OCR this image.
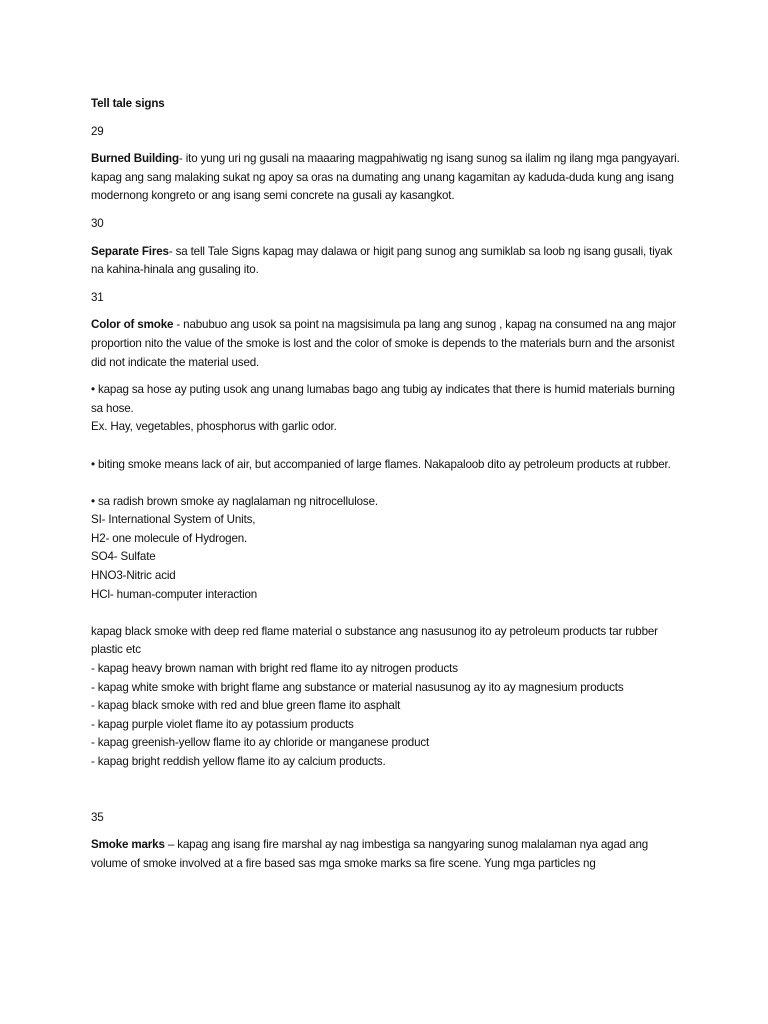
Tell tale signs
29
Burned Building- ito yung uri ng gusali na maaaring magpahiwatig ng isang sunog sa ilalim ng ilang mga pangyayari. kapag ang sang malaking sukat ng apoy sa oras na dumating ang unang kagamitan ay kaduda-duda kung ang isang modernong kongreto or ang isang semi concrete na gusali ay kasangkot.
30
Separate Fires- sa tell Tale Signs kapag may dalawa or higit pang sunog ang sumiklab sa loob ng isang gusali, tiyak na kahina-hinala ang gusaling ito.
31
Color of smoke - nabubuo ang usok sa point na magsisimula pa lang ang sunog , kapag na consumed na ang major proportion nito the value of the smoke is lost and the color of smoke is depends to the materials burn and the arsonist did not indicate the material used.
• kapag sa hose ay puting usok ang unang lumabas bago ang tubig ay indicates that there is humid materials burning sa hose.
Ex. Hay, vegetables, phosphorus with garlic odor.
• biting smoke means lack of air, but accompanied of large flames. Nakapaloob dito ay petroleum products at rubber.
• sa radish brown smoke ay naglalaman ng nitrocellulose.
SI- International System of Units,
H2- one molecule of Hydrogen.
SO4- Sulfate
HNO3-Nitric acid
HCl- human-computer interaction
kapag black smoke with deep red flame material o substance ang nasusunog ito ay petroleum products tar rubber plastic etc
- kapag heavy brown naman with bright red flame ito ay nitrogen products
- kapag white smoke with bright flame ang substance or material nasusunog ay ito ay magnesium products
- kapag black smoke with red and blue green flame ito asphalt
- kapag purple violet flame ito ay potassium products
- kapag greenish-yellow flame ito ay chloride or manganese product
- kapag bright reddish yellow flame ito ay calcium products.
35
Smoke marks – kapag ang isang fire marshal ay nag imbestiga sa nangyaring sunog malalaman nya agad ang volume of smoke involved at a fire based sas mga smoke marks sa fire scene. Yung mga particles ng
